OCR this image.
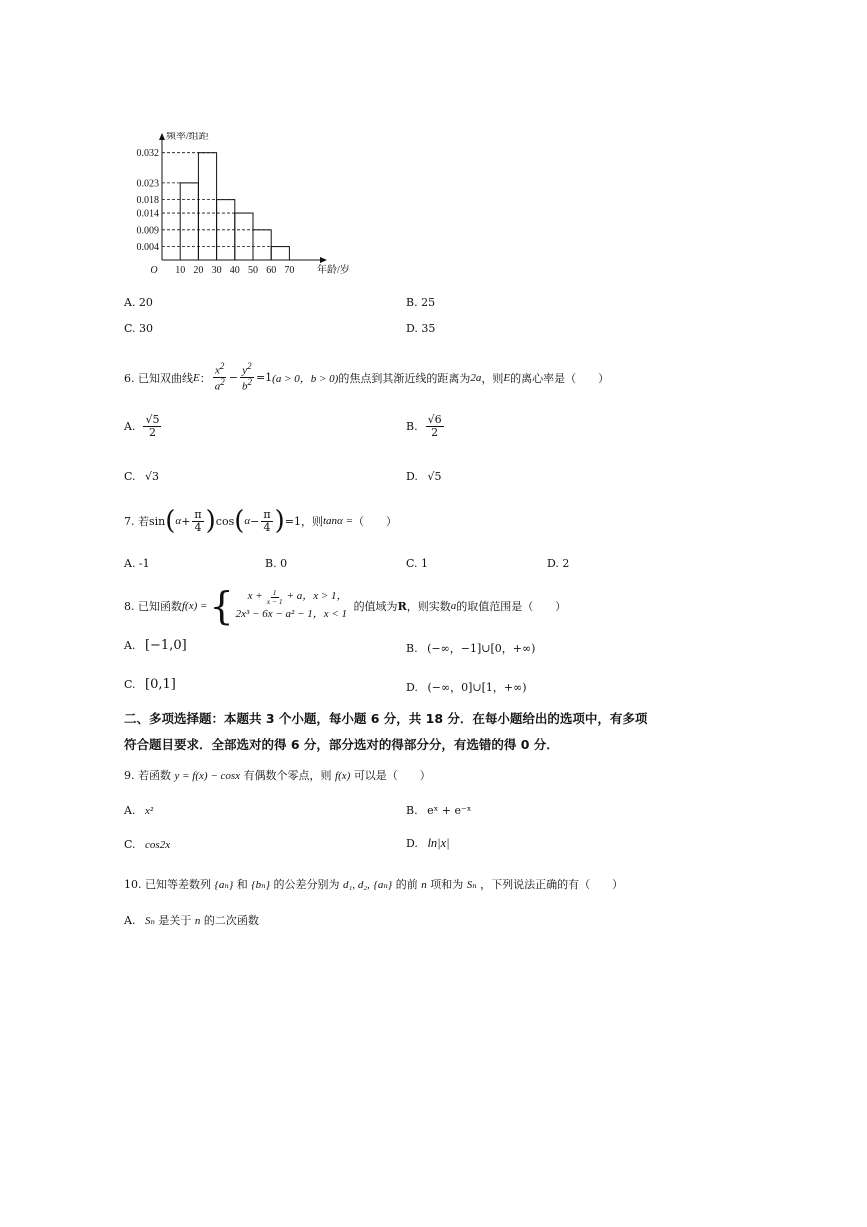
0.032
0.023
0.018
0.014
0.009
0.004
10 20 30 40 50 60 70
O
频率/组距
年龄/岁
A. 20	B. 25
C. 30	D. 35
6. 已知双曲线 E ： $\frac{x^2}{a^2} - \frac{y^2}{b^2} =1$ (a > 0，b > 0) 的焦点到其渐近线的距离为 2a ，则 E 的离心率是（　　）
A. $\frac{√5}{2}$	B. $\frac{√6}{2}$
C. √3	D. √5
7. 若 sin ( $\alpha + \frac{\pi}{4}$ ) cos ( $\alpha - \frac{\pi}{4}$ ) =1 ，则 tanα = （　　）
A. -1	B. 0	C. 1	D. 2
8. 已知函数 f(x) = { $x + \frac{1}{x - 1} + a$，x > 1，
2x³ − 6x − a² − 1，x < 1
的值域为 R ，则实数 a 的取值范围是（　　）
A. [−1,0]	B. (−∞，−1]∪[0，+∞)
C. [0,1]	D. (−∞，0]∪[1，+∞)
二、多项选择题：本题共 3 个小题，每小题 6 分，共 18 分．在每小题给出的选项中，有多项
符合题目要求．全部选对的得 6 分，部分选对的得部分分，有选错的得 0 分．
9. 若函数 y = f(x) − cosx 有偶数个零点，则 f(x) 可以是（　　）
A. x²	B. eˣ + e⁻ˣ
C. cos2x	D. ln|x|
10. 已知等差数列 {aₙ} 和 {bₙ} 的公差分别为 d₁, d₂, {aₙ} 的前 n 项和为 Sₙ ，下列说法正确的有（　　）
A. Sₙ 是关于 n 的二次函数
